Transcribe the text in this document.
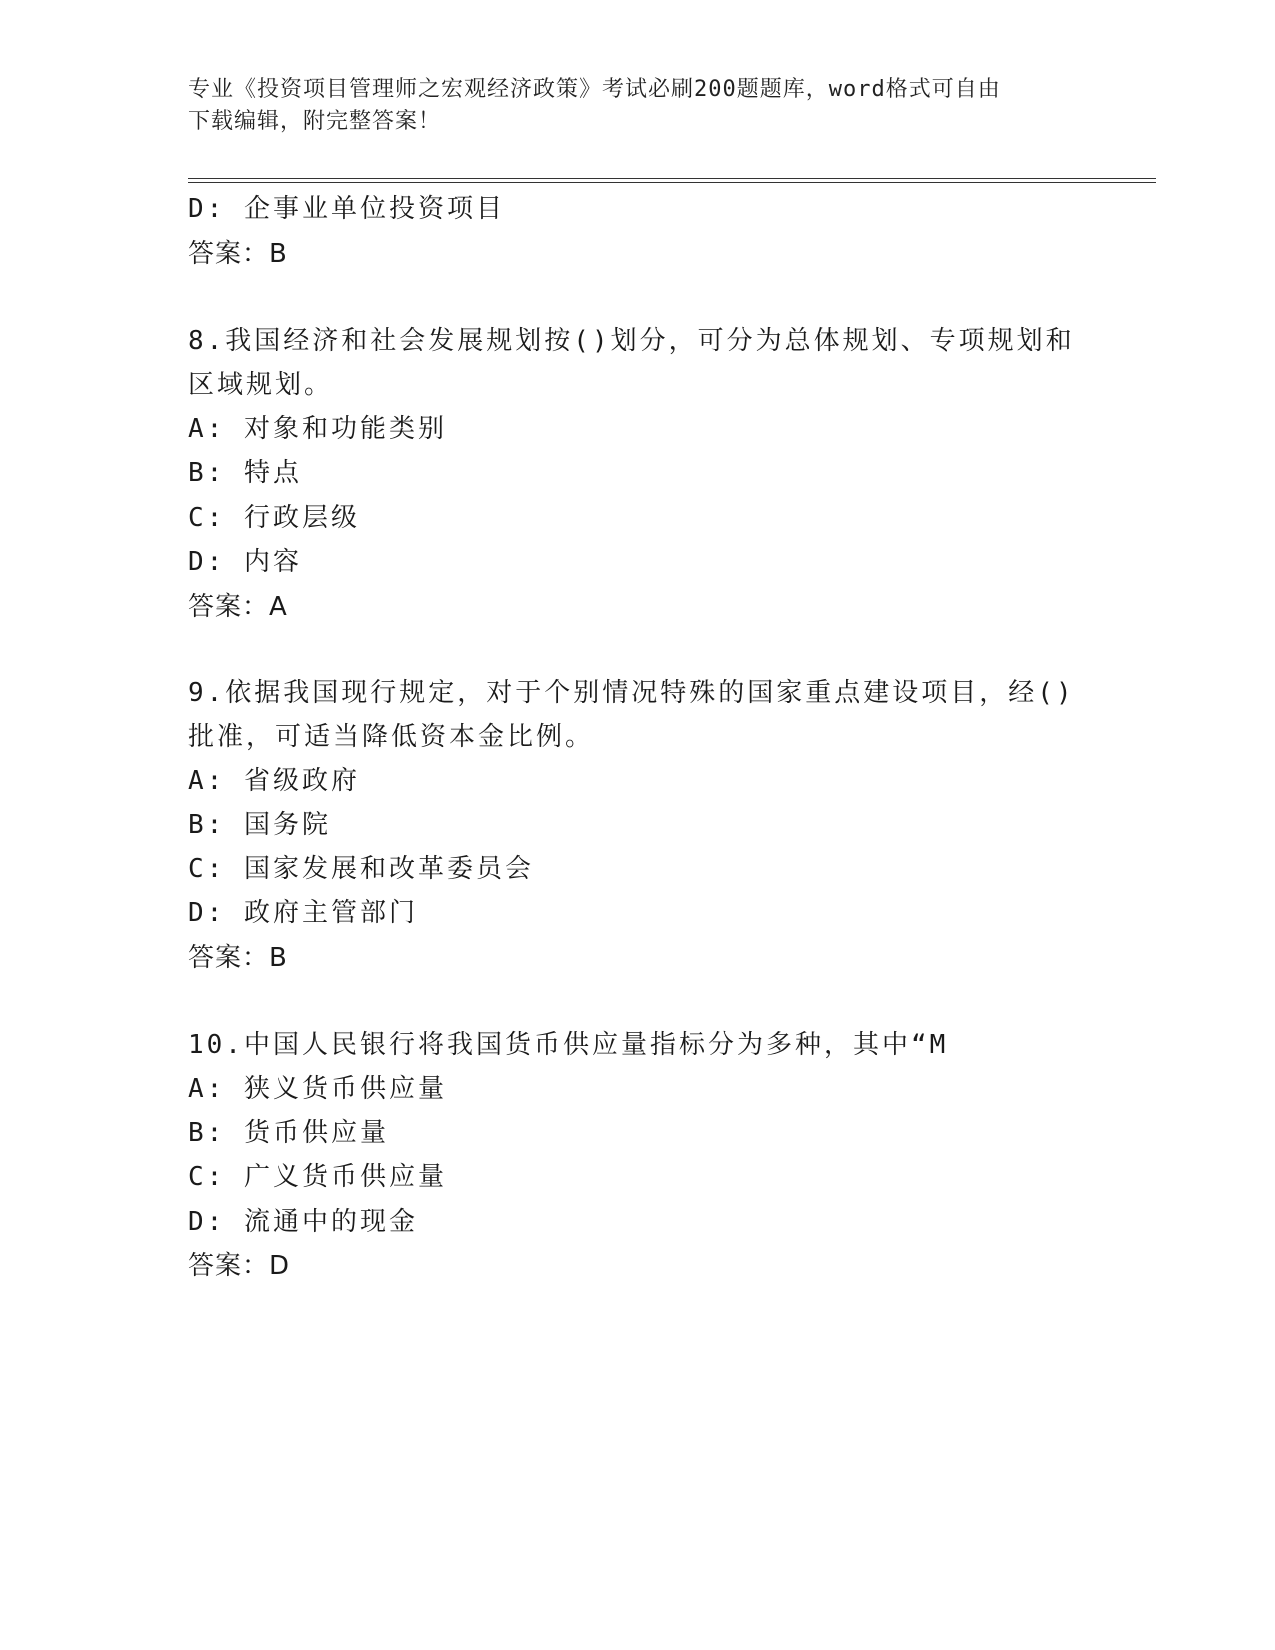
专业《投资项目管理师之宏观经济政策》考试必刷200题题库，word格式可自由
下载编辑，附完整答案！
D: 企事业单位投资项目
答案：B
8.我国经济和社会发展规划按()划分，可分为总体规划、专项规划和
区域规划。
A: 对象和功能类别
B: 特点
C: 行政层级
D: 内容
答案：A
9.依据我国现行规定，对于个别情况特殊的国家重点建设项目，经()
批准，可适当降低资本金比例。
A: 省级政府
B: 国务院
C: 国家发展和改革委员会
D: 政府主管部门
答案：B
10.中国人民银行将我国货币供应量指标分为多种，其中“M
A: 狭义货币供应量
B: 货币供应量
C: 广义货币供应量
D: 流通中的现金
答案：D
